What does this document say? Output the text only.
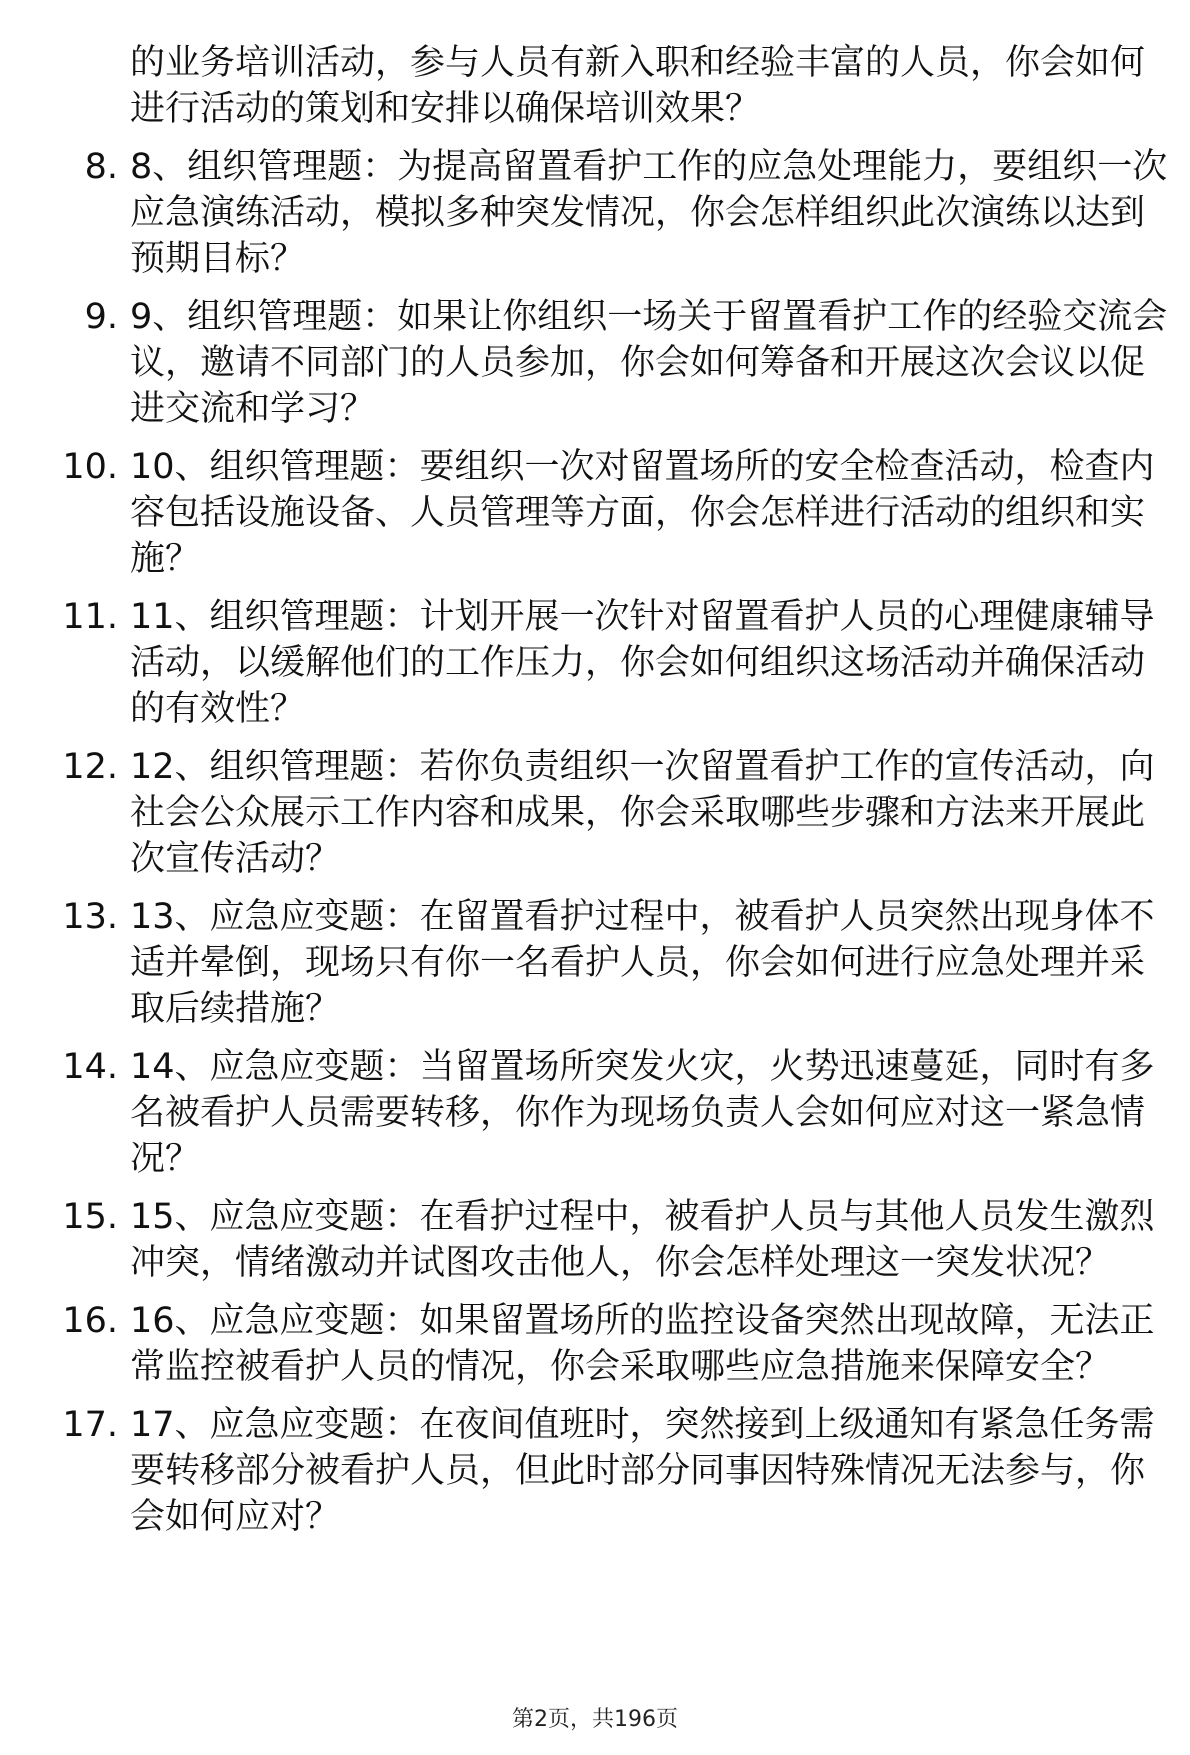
的业务培训活动，参与人员有新入职和经验丰富的人员，你会如何进行活动的策划和安排以确保培训效果？
8. 8、组织管理题：为提高留置看护工作的应急处理能力，要组织一次应急演练活动，模拟多种突发情况，你会怎样组织此次演练以达到预期目标？
9. 9、组织管理题：如果让你组织一场关于留置看护工作的经验交流会议，邀请不同部门的人员参加，你会如何筹备和开展这次会议以促进交流和学习？
10. 10、组织管理题：要组织一次对留置场所的安全检查活动，检查内容包括设施设备、人员管理等方面，你会怎样进行活动的组织和实施？
11. 11、组织管理题：计划开展一次针对留置看护人员的心理健康辅导活动，以缓解他们的工作压力，你会如何组织这场活动并确保活动的有效性？
12. 12、组织管理题：若你负责组织一次留置看护工作的宣传活动，向社会公众展示工作内容和成果，你会采取哪些步骤和方法来开展此次宣传活动？
13. 13、应急应变题：在留置看护过程中，被看护人员突然出现身体不适并晕倒，现场只有你一名看护人员，你会如何进行应急处理并采取后续措施？
14. 14、应急应变题：当留置场所突发火灾，火势迅速蔓延，同时有多名被看护人员需要转移，你作为现场负责人会如何应对这一紧急情况？
15. 15、应急应变题：在看护过程中，被看护人员与其他人员发生激烈冲突，情绪激动并试图攻击他人，你会怎样处理这一突发状况？
16. 16、应急应变题：如果留置场所的监控设备突然出现故障，无法正常监控被看护人员的情况，你会采取哪些应急措施来保障安全？
17. 17、应急应变题：在夜间值班时，突然接到上级通知有紧急任务需要转移部分被看护人员，但此时部分同事因特殊情况无法参与，你会如何应对？
第2页，共196页
